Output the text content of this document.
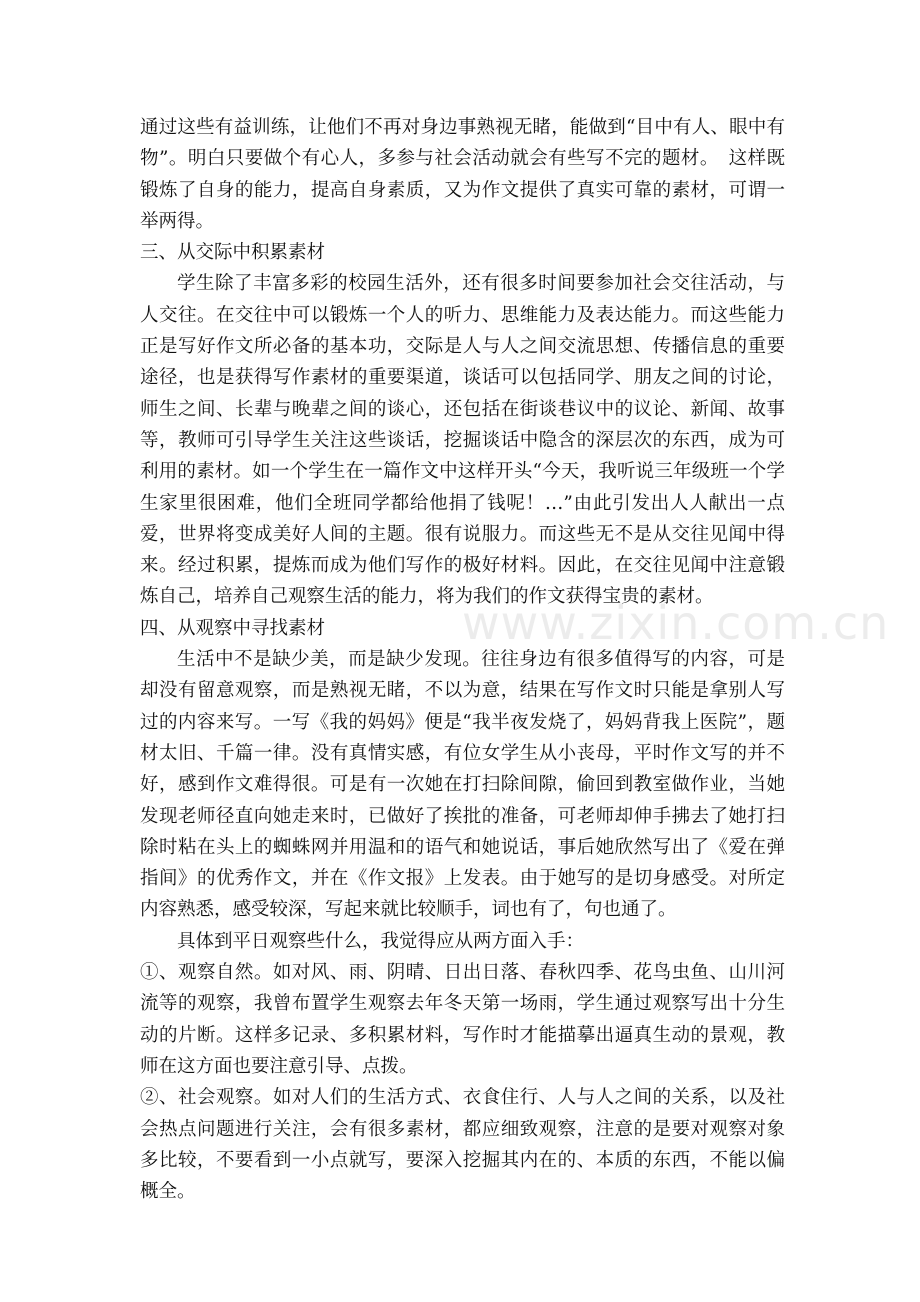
通过这些有益训练，让他们不再对身边事熟视无睹，能做到“目中有人、眼中有物”。明白只要做个有心人，多参与社会活动就会有些写不完的题材。　这样既锻炼了自身的能力，提高自身素质，又为作文提供了真实可靠的素材，可谓一举两得。

三、从交际中积累素材

学生除了丰富多彩的校园生活外，还有很多时间要参加社会交往活动，与人交往。在交往中可以锻炼一个人的听力、思维能力及表达能力。而这些能力正是写好作文所必备的基本功，交际是人与人之间交流思想、传播信息的重要途径，也是获得写作素材的重要渠道，谈话可以包括同学、朋友之间的讨论，师生之间、长辈与晚辈之间的谈心，还包括在街谈巷议中的议论、新闻、故事等，教师可引导学生关注这些谈话，挖掘谈话中隐含的深层次的东西，成为可利用的素材。如一个学生在一篇作文中这样开头“今天，我听说三年级班一个学生家里很困难，他们全班同学都给他捐了钱呢！…”由此引发出人人献出一点爱，世界将变成美好人间的主题。很有说服力。而这些无不是从交往见闻中得来。经过积累，提炼而成为他们写作的极好材料。因此，在交往见闻中注意锻炼自己，培养自己观察生活的能力，将为我们的作文获得宝贵的素材。

四、从观察中寻找素材

生活中不是缺少美，而是缺少发现。往往身边有很多值得写的内容，可是却没有留意观察，而是熟视无睹，不以为意，结果在写作文时只能是拿别人写过的内容来写。一写《我的妈妈》便是“我半夜发烧了，妈妈背我上医院”，题材太旧、千篇一律。没有真情实感，有位女学生从小丧母，平时作文写的并不好，感到作文难得很。可是有一次她在打扫除间隙，偷回到教室做作业，当她发现老师径直向她走来时，已做好了挨批的准备，可老师却伸手拂去了她打扫除时粘在头上的蜘蛛网并用温和的语气和她说话，事后她欣然写出了《爱在弹指间》的优秀作文，并在《作文报》上发表。由于她写的是切身感受。对所定内容熟悉，感受较深，写起来就比较顺手，词也有了，句也通了。

具体到平日观察些什么，我觉得应从两方面入手：

①、观察自然。如对风、雨、阴晴、日出日落、春秋四季、花鸟虫鱼、山川河流等的观察，我曾布置学生观察去年冬天第一场雨，学生通过观察写出十分生动的片断。这样多记录、多积累材料，写作时才能描摹出逼真生动的景观，教师在这方面也要注意引导、点拨。

②、社会观察。如对人们的生活方式、衣食住行、人与人之间的关系，以及社会热点问题进行关注，会有很多素材，都应细致观察，注意的是要对观察对象多比较，不要看到一小点就写，要深入挖掘其内在的、本质的东西，不能以偏概全。

www.zixin.com.cn
